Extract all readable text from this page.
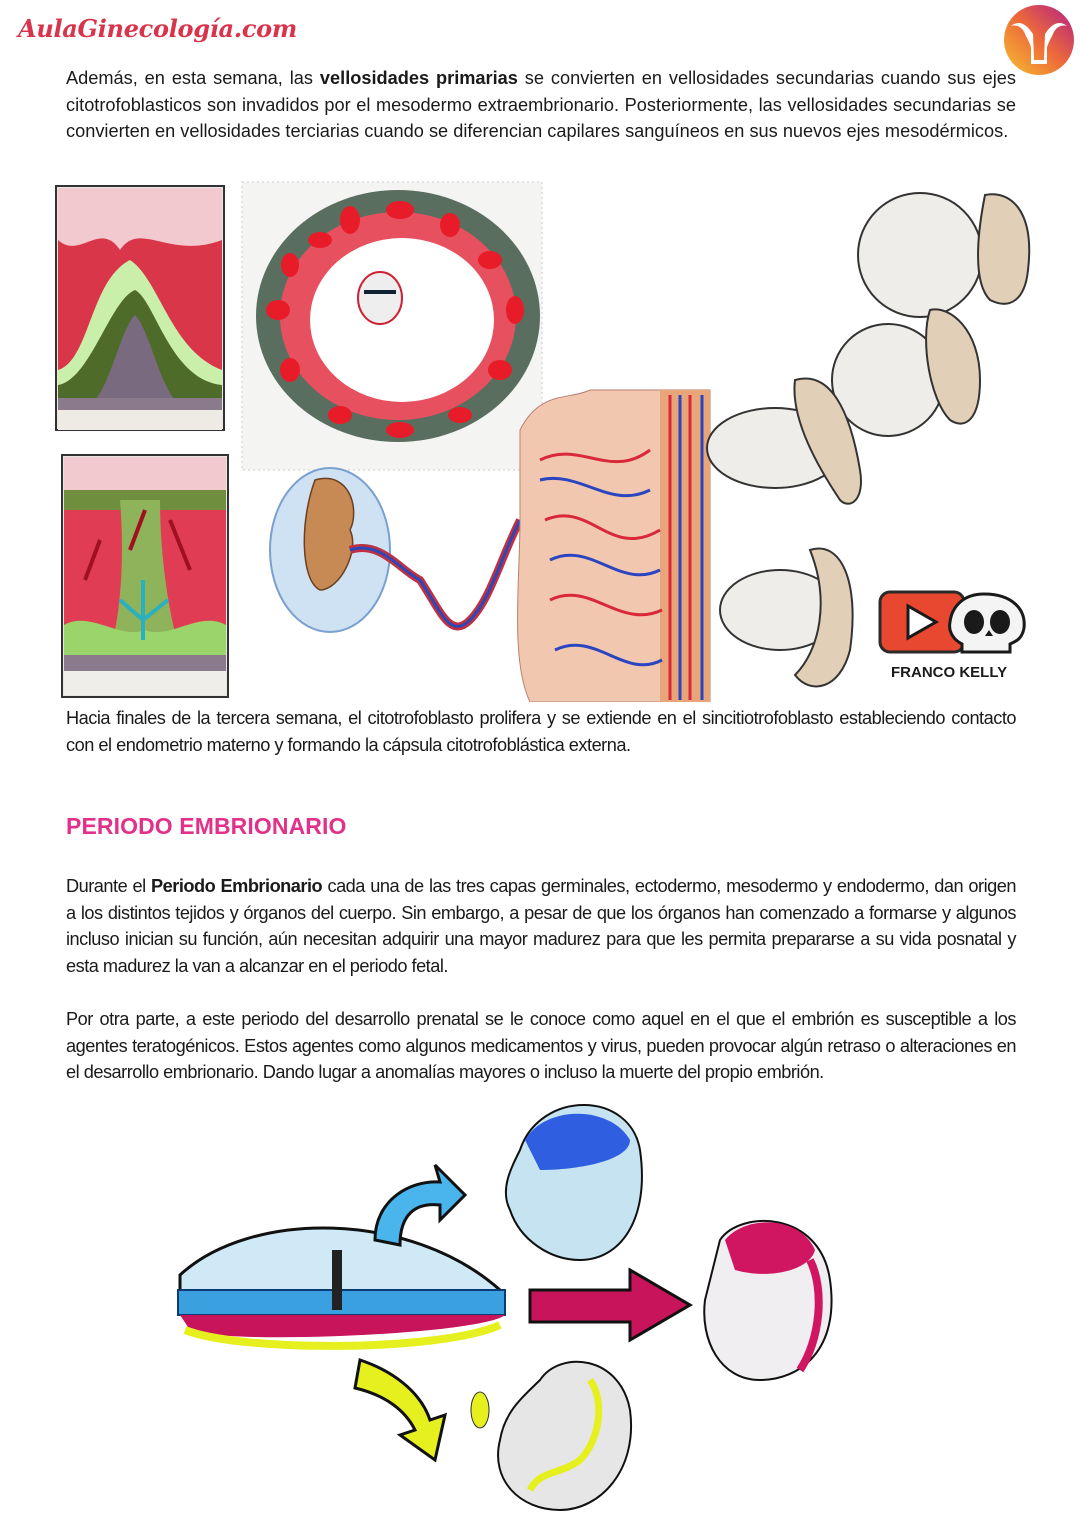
AulaGinecología.com

Además, en esta semana, las vellosidades primarias se convierten en vellosidades secundarias cuando sus ejes citotrofoblasticos son invadidos por el mesodermo extraembrionario. Posteriormente, las vellosidades secundarias se convierten en vellosidades terciarias cuando se diferencian capilares sanguíneos en sus nuevos ejes mesodérmicos.

FRANCO KELLY

Hacia finales de la tercera semana, el citotrofoblasto prolifera y se extiende en el sincitiotrofoblasto estableciendo contacto con el endometrio materno y formando la cápsula citotrofoblástica externa.

PERIODO EMBRIONARIO

Durante el Periodo Embrionario cada una de las tres capas germinales, ectodermo, mesodermo y endodermo, dan origen a los distintos tejidos y órganos del cuerpo. Sin embargo, a pesar de que los órganos han comenzado a formarse y algunos incluso inician su función, aún necesitan adquirir una mayor madurez para que les permita prepararse a su vida posnatal y esta madurez la van a alcanzar en el periodo fetal.

Por otra parte, a este periodo del desarrollo prenatal se le conoce como aquel en el que el embrión es susceptible a los agentes teratogénicos. Estos agentes como algunos medicamentos y virus, pueden provocar algún retraso o alteraciones en el desarrollo embrionario. Dando lugar a anomalías mayores o incluso la muerte del propio embrión.
